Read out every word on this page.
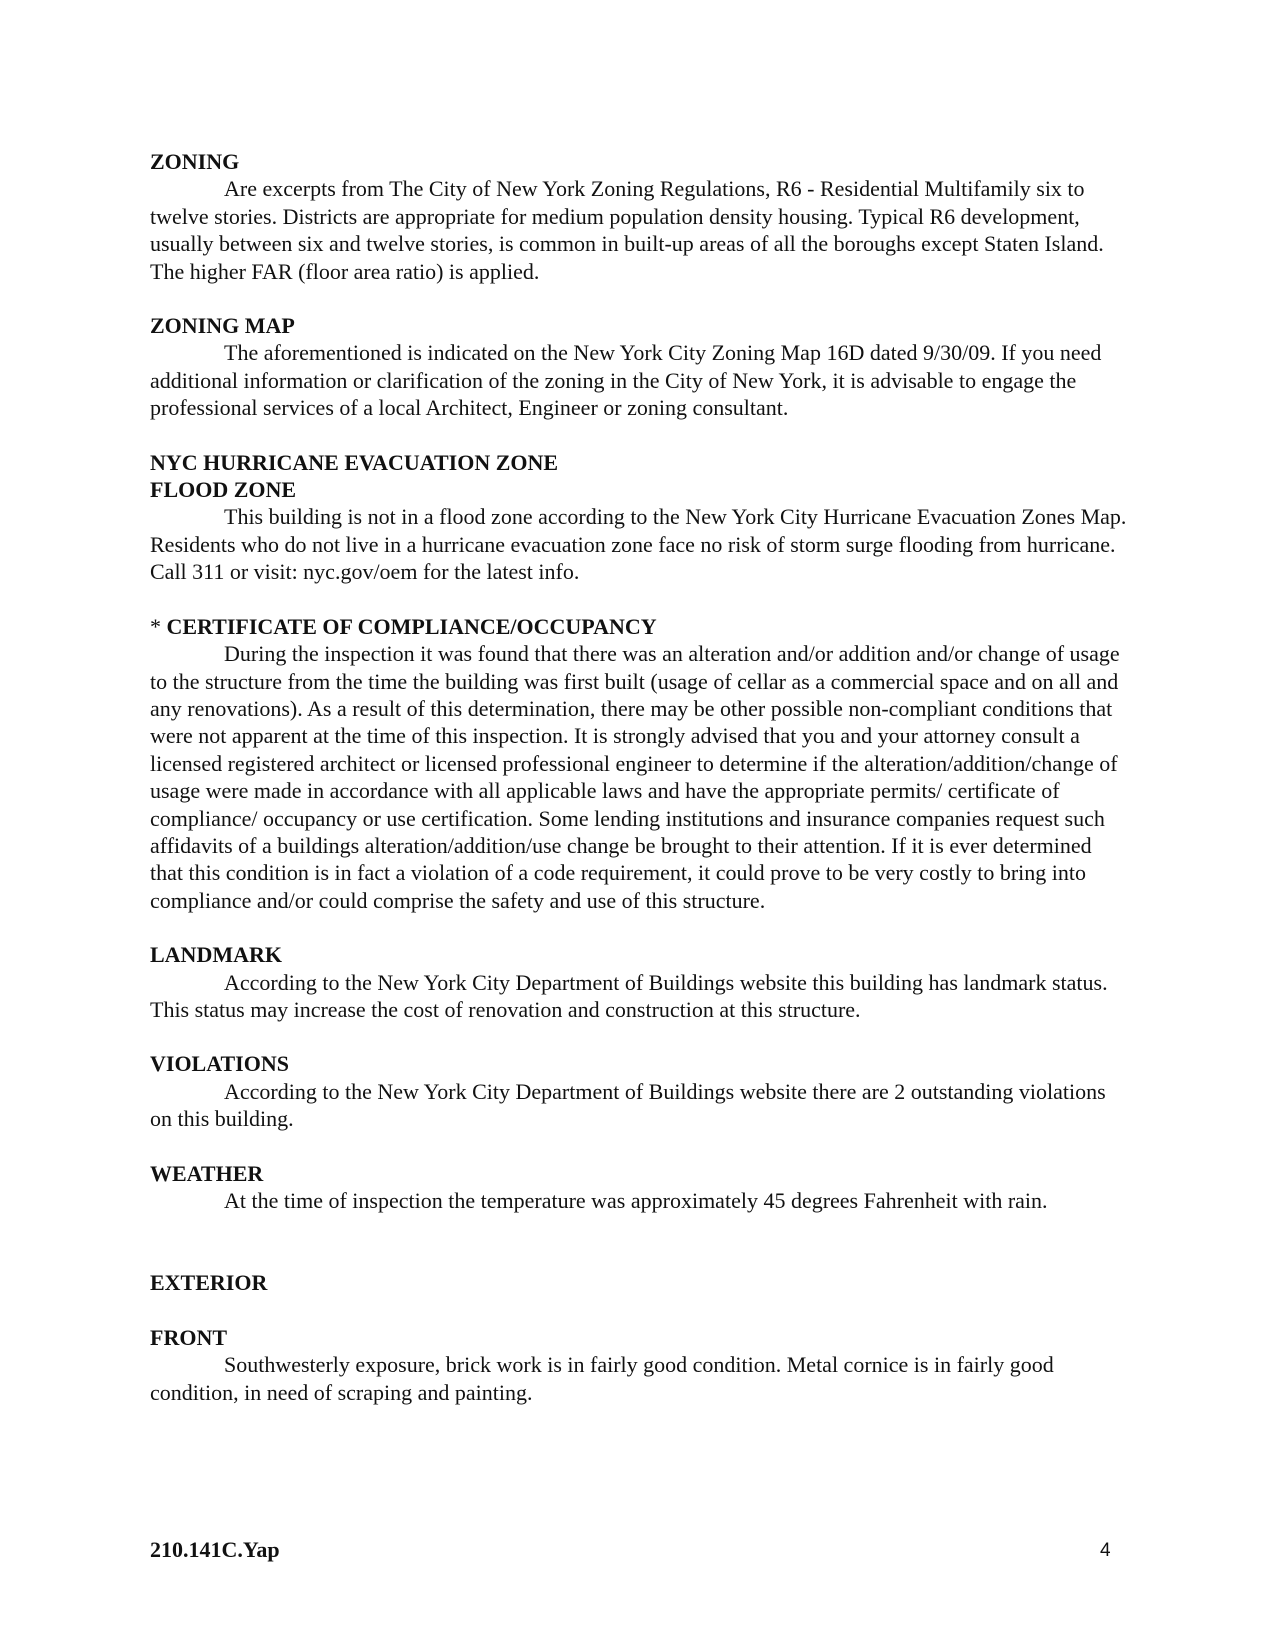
ZONING

Are excerpts from The City of New York Zoning Regulations, R6 - Residential Multifamily six to twelve stories. Districts are appropriate for medium population density housing. Typical R6 development, usually between six and twelve stories, is common in built-up areas of all the boroughs except Staten Island. The higher FAR (floor area ratio) is applied.

ZONING MAP

The aforementioned is indicated on the New York City Zoning Map 16D dated 9/30/09. If you need additional information or clarification of the zoning in the City of New York, it is advisable to engage the professional services of a local Architect, Engineer or zoning consultant.

NYC HURRICANE EVACUATION ZONE

FLOOD ZONE

This building is not in a flood zone according to the New York City Hurricane Evacuation Zones Map. Residents who do not live in a hurricane evacuation zone face no risk of storm surge flooding from hurricane. Call 311 or visit: nyc.gov/oem for the latest info.

* CERTIFICATE OF COMPLIANCE/OCCUPANCY

During the inspection it was found that there was an alteration and/or addition and/or change of usage to the structure from the time the building was first built (usage of cellar as a commercial space and on all and any renovations). As a result of this determination, there may be other possible non-compliant conditions that were not apparent at the time of this inspection. It is strongly advised that you and your attorney consult a licensed registered architect or licensed professional engineer to determine if the alteration/addition/change of usage were made in accordance with all applicable laws and have the appropriate permits/ certificate of compliance/ occupancy or use certification. Some lending institutions and insurance companies request such affidavits of a buildings alteration/addition/use change be brought to their attention. If it is ever determined that this condition is in fact a violation of a code requirement, it could prove to be very costly to bring into compliance and/or could comprise the safety and use of this structure.

LANDMARK

According to the New York City Department of Buildings website this building has landmark status. This status may increase the cost of renovation and construction at this structure.

VIOLATIONS

According to the New York City Department of Buildings website there are 2 outstanding violations on this building.

WEATHER

At the time of inspection the temperature was approximately 45 degrees Fahrenheit with rain.

EXTERIOR

FRONT

Southwesterly exposure, brick work is in fairly good condition. Metal cornice is in fairly good condition, in need of scraping and painting.

210.141C.Yap	4
